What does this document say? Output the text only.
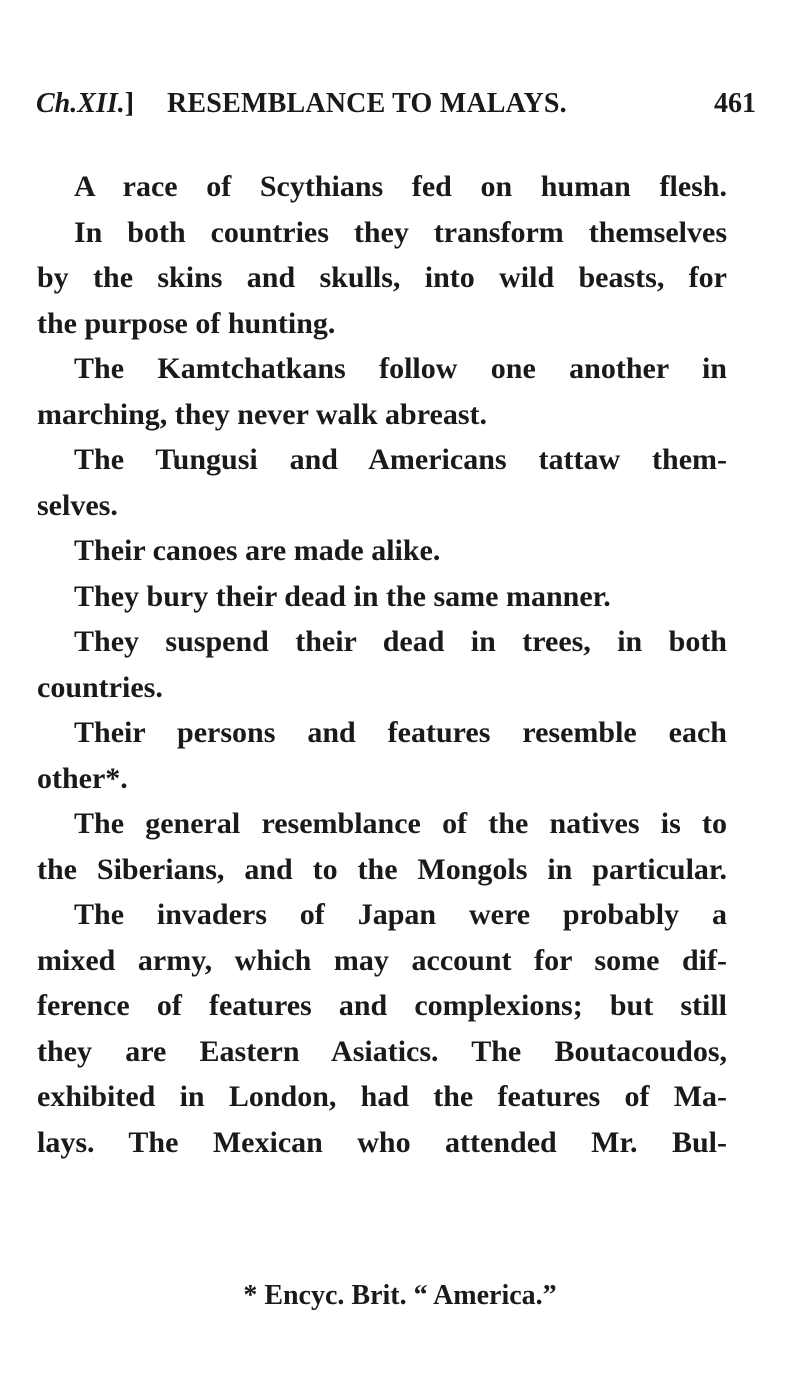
Ch.XII.] RESEMBLANCE TO MALAYS.	461
A race of Scythians fed on human flesh.
In both countries they transform themselves
by the skins and skulls, into wild beasts, for
the purpose of hunting.
The Kamtchatkans follow one another in
marching, they never walk abreast.
The Tungusi and Americans tattaw them-
selves.
Their canoes are made alike.
They bury their dead in the same manner.
They suspend their dead in trees, in both
countries.
Their persons and features resemble each
other*.
The general resemblance of the natives is to
the Siberians, and to the Mongols in particular.
The invaders of Japan were probably a
mixed army, which may account for some dif-
ference of features and complexions; but still
they are Eastern Asiatics. The Boutacoudos,
exhibited in London, had the features of Ma-
lays. The Mexican who attended Mr. Bul-
* Encyc. Brit. “ America.”
